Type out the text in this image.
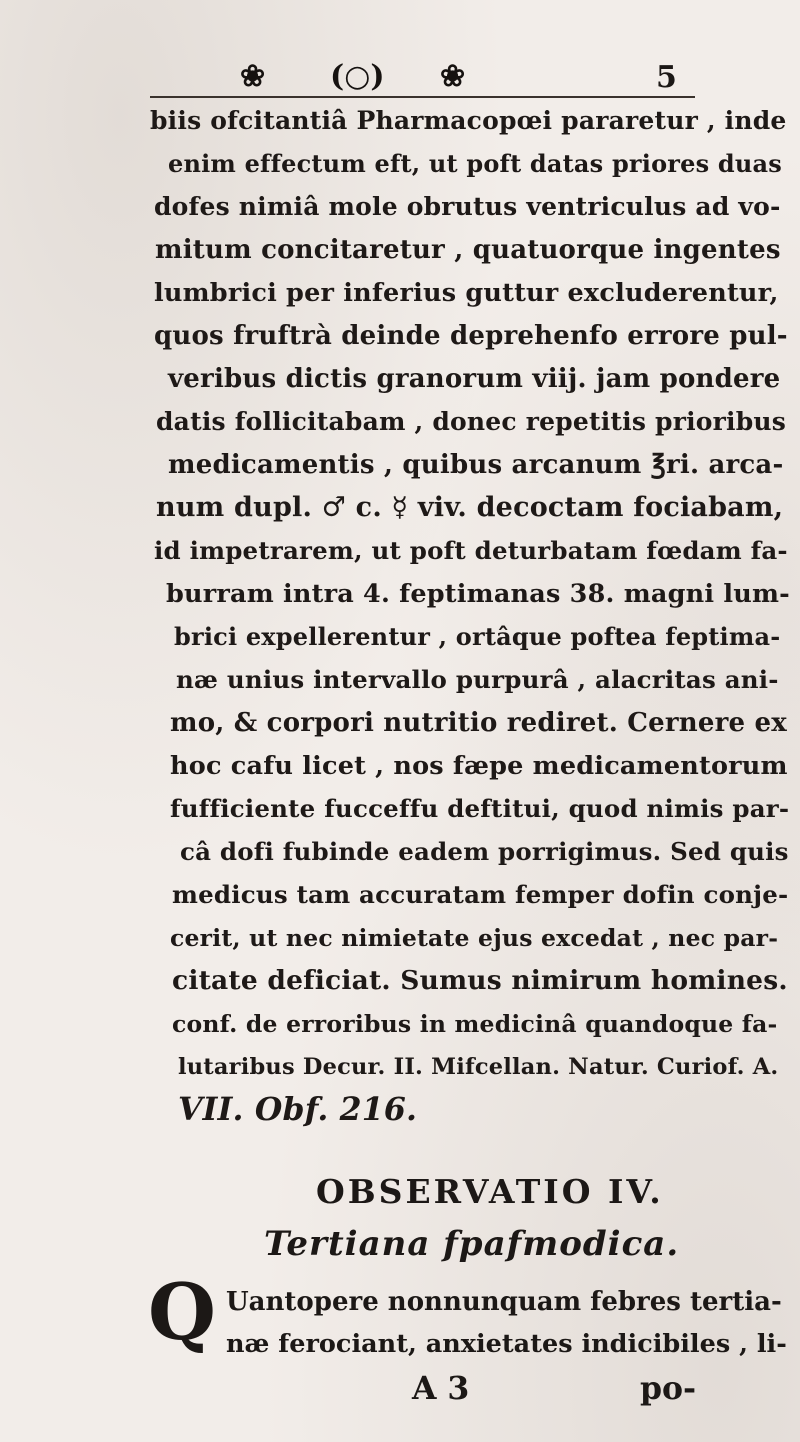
❀ (○) ❀	5
biis ofcitantiâ Pharmacopœi pararetur , inde
enim effectum eft, ut poft datas priores duas
dofes nimiâ mole obrutus ventriculus ad vo-
mitum concitaretur , quatuorque ingentes
lumbrici per inferius guttur excluderentur,
quos fruftrà deinde deprehenfo errore pul-
veribus dictis granorum viij. jam pondere
datis follicitabam , donec repetitis prioribus
medicamentis , quibus arcanum ℥ri. arca-
num dupl. ♂ c. ☿ viv. decoctam fociabam,
id impetrarem, ut poft deturbatam fœdam fa-
burram intra 4. feptimanas 38. magni lum-
brici expellerentur , ortâque poftea feptima-
næ unius intervallo purpurâ , alacritas ani-
mo, & corpori nutritio rediret. Cernere ex
hoc cafu licet , nos fæpe medicamentorum
fufficiente fucceffu deftitui, quod nimis par-
câ dofi fubinde eadem porrigimus. Sed quis
medicus tam accuratam femper dofin conje-
cerit, ut nec nimietate ejus excedat , nec par-
citate deficiat. Sumus nimirum homines.
conf. de erroribus in medicinâ quandoque fa-
lutaribus Decur. II. Mifcellan. Natur. Curiof. A.
VII. Obf. 216.
OBSERVATIO IV.
Tertiana fpafmodica.
Q Uantopere nonnunquam febres tertia-
næ ferociant, anxietates indicibiles , li-
A 3	po-
